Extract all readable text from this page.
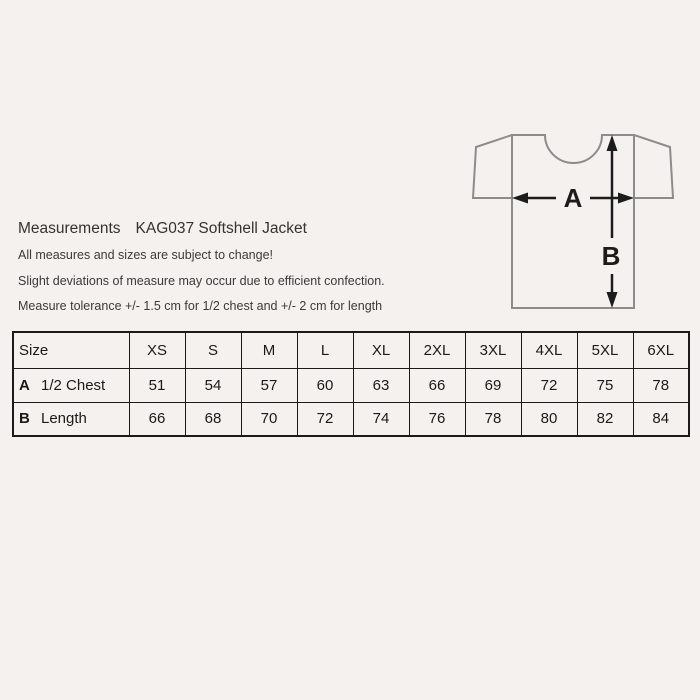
A
B
Measurements KAG037 Softshell Jacket
All measures and sizes are subject to change!
Slight deviations of measure may occur due to efficient confection.
Measure tolerance +/- 1.5 cm for 1/2 chest and +/- 2 cm for length
Size	XS	S	M	L	XL	2XL	3XL	4XL	5XL	6XL
A 1/2 Chest	51	54	57	60	63	66	69	72	75	78
B Length	66	68	70	72	74	76	78	80	82	84
